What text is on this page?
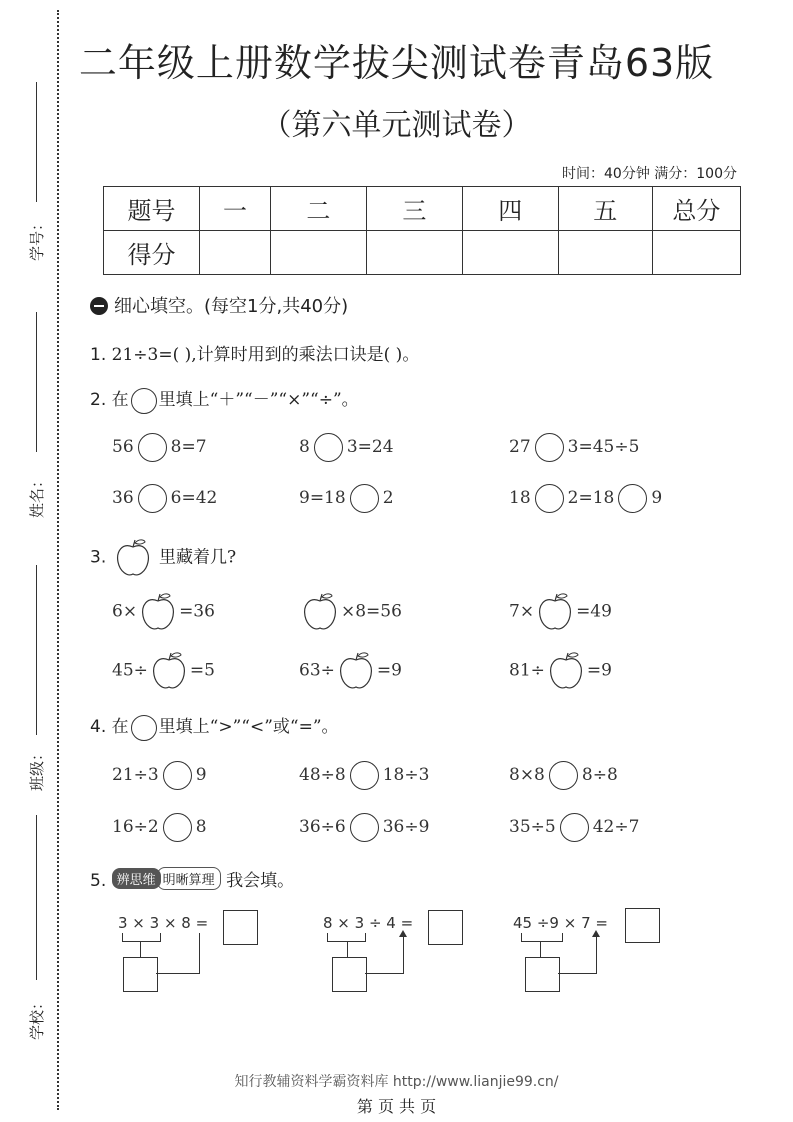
学号：
姓名：
班级：
学校：
二年级上册数学拔尖测试卷青岛63版
（第六单元测试卷）
时间：40分钟 满分：100分
题号	一	二	三	四	五	总分
得分						
细心填空。(每空1分,共40分)
1. 21÷3=( ),计算时用到的乘法口诀是( )。
2. 在 里填上“＋”“－”“×”“÷”。
56 8=7	8 3=24	27 3=45÷5
36 6=42	9=18 2	18 2=18 9
3.	里藏着几?
6× =36	×8=56	7× =49
45÷ =5	63÷ =9	81÷ =9
4. 在 里填上“>”“<”或“=”。
21÷3 9	48÷8 18÷3	8×8 8÷8
16÷2 8	36÷6 36÷9	35÷5 42÷7
5. 辨思维 明晰算理 我会填。
3 × 3 × 8 =	8 × 3 ÷ 4 =	45 ÷9 × 7 =
知行教辅资料学霸资料库 http://www.lianjie99.cn/
第 页 共 页
